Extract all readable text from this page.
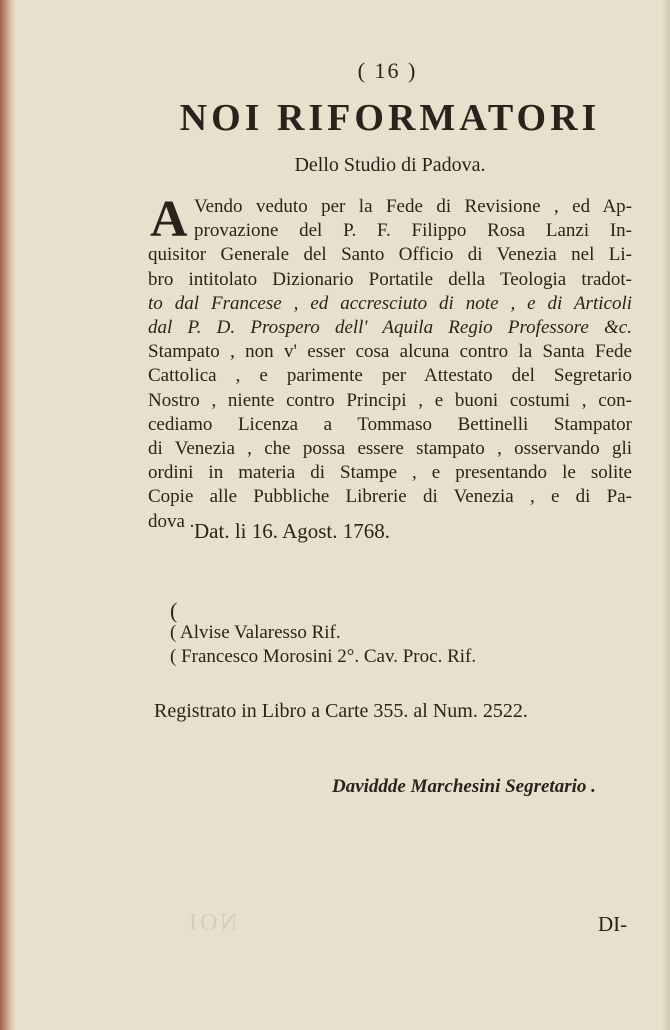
( 16 )
NOI RIFORMATORI
Dello Studio di Padova.
A Vendo veduto per la Fede di Revisione , ed Ap-
provazione del P. F. Filippo Rosa Lanzi In-
quisitor Generale del Santo Officio di Venezia nel Li-
bro intitolato Dizionario Portatile della Teologia tradot-
to dal Francese , ed accresciuto di note , e di Articoli
dal P. D. Prospero dell' Aquila Regio Professore &c.
Stampato , non v' esser cosa alcuna contro la Santa Fede
Cattolica , e parimente per Attestato del Segretario
Nostro , niente contro Principi , e buoni costumi , con-
cediamo Licenza a Tommaso Bettinelli Stampator
di Venezia , che possa essere stampato , osservando gli
ordini in materia di Stampe , e presentando le solite
Copie alle Pubbliche Librerie di Venezia , e di Pa-
dova . Dat. li 16. Agost. 1768.
(
( Alvise Valaresso Rif.
( Francesco Morosini 2°. Cav. Proc. Rif.
Registrato in Libro a Carte 355. al Num. 2522.
Daviddde Marchesini Segretario .
NOI	DI-
